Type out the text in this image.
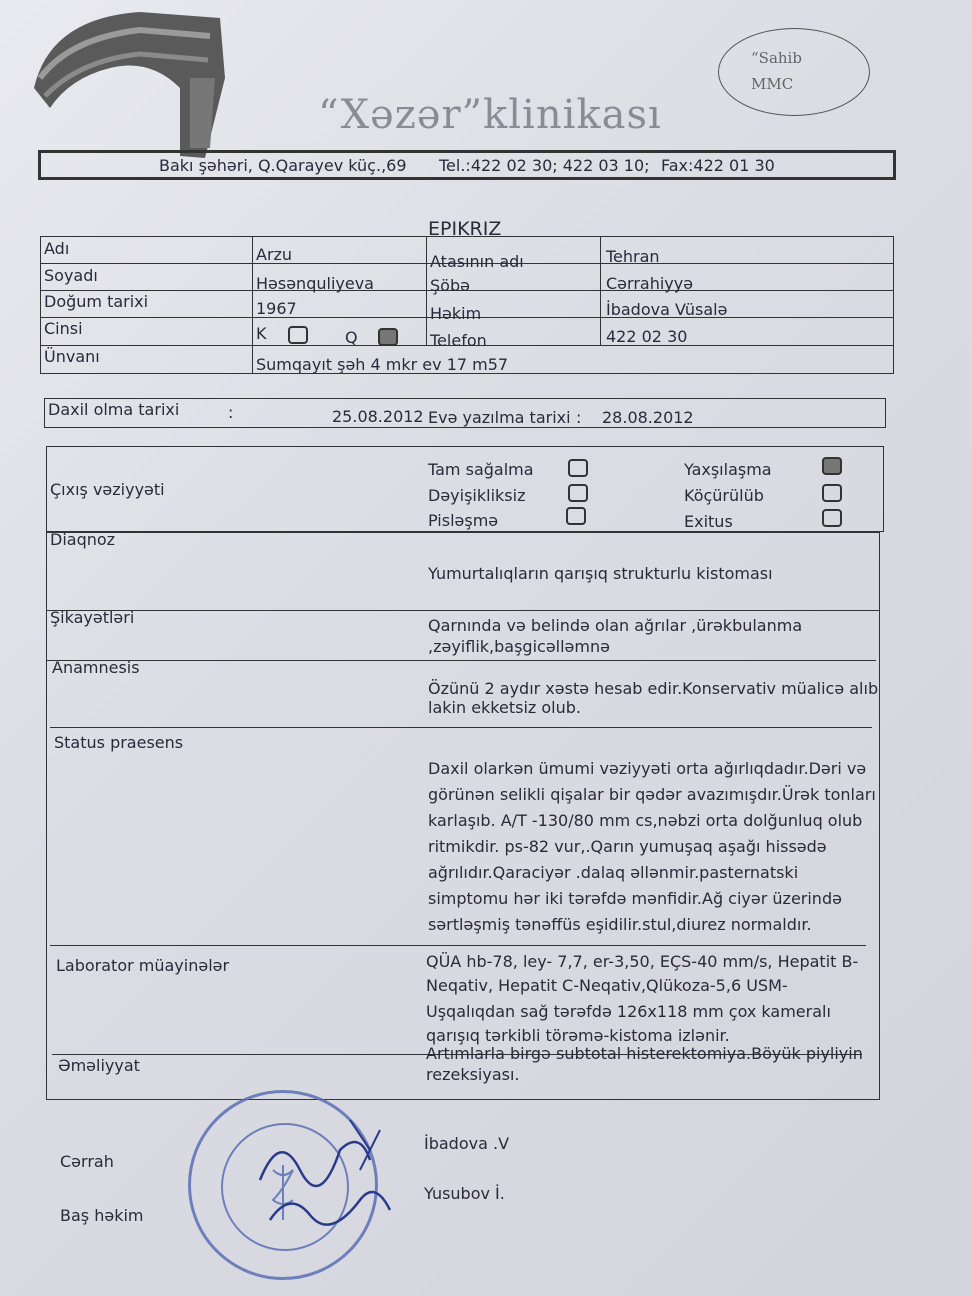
“Xəzər”klinikası
“Sahib
MMC
Bakı şəhəri, Q.Qarayev küç.,69 Tel.:422 02 30; 422 03 10; Fax:422 01 30
EPIKRIZ
Adı	Arzu	Atasının adı	Tehran
Soyadı	Həsənquliyeva	Şöbə	Cərrahiyyə
Doğum tarixi	1967	Həkim	İbadova Vüsalə
Cinsi	K	Q	Telefon	422 02 30
Ünvanı	Sumqayıt şəh 4 mkr ev 17 m57
Daxil olma tarixi	:	25.08.2012 Evə yazılma tarixi : 28.08.2012
Çıxış vəziyyəti
Tam sağalma
Dəyişikliksiz
Pisləşmə
Yaxşılaşma
Köçürülüb
Exitus
Diaqnoz
Yumurtalıqların qarışıq strukturlu kistoması
Şikayətləri	Qarnında və belində olan ağrılar ,ürəkbulanma
,zəyiflik,başgicəlləmnə
Anamnesis
Özünü 2 aydır xəstə hesab edir.Konservativ müalicə alıb
lakin ekketsiz olub.
Status praesens
Daxil olarkən ümumi vəziyyəti orta ağırlıqdadır.Dəri və
görünən selikli qişalar bir qədər avazımışdır.Ürək tonları
karlaşıb. A/T -130/80 mm cs,nəbzi orta dolğunluq olub
ritmikdir. ps-82 vur,.Qarın yumuşaq aşağı hissədə
ağrılıdır.Qaraciyər .dalaq əllənmir.pasternatski
simptomu hər iki tərəfdə mənfidir.Ağ ciyər üzerində
sərtləşmiş tənəffüs eşidilir.stul,diurez normaldır.
Laborator müayinələr	QÜA hb-78, ley- 7,7, er-3,50, EÇS-40 mm/s, Hepatit B-
Neqativ, Hepatit C-Neqativ,Qlükoza-5,6 USM-
Uşqalıqdan sağ tərəfdə 126x118 mm çox kameralı
qarışıq tərkibli törəmə-kistoma izlənir.
Əməliyyat
Artımlarla birgə subtotal histerektomiya.Böyük piyliyin
rezeksiyası.
Cərrah
İbadova .V
Baş həkim
Yusubov İ.
